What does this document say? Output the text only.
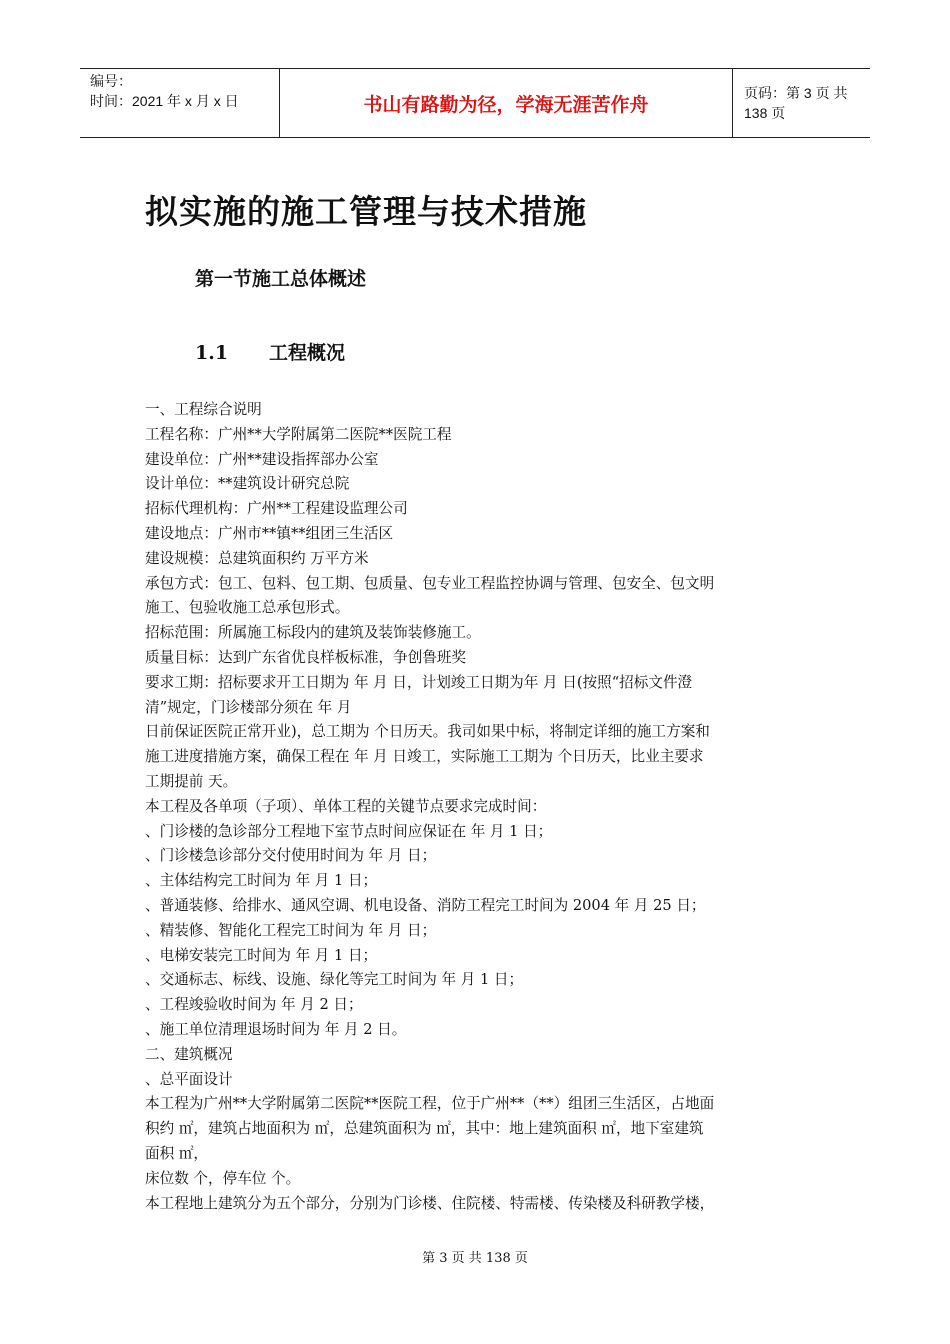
编号：
时间：2021 年 x 月 x 日	书山有路勤为径，学海无涯苦作舟
页码：第 3 页 共 138 页
拟实施的施工管理与技术措施
第一节施工总体概述
1.1 工程概况

一、工程综合说明

工程名称：广州**大学附属第二医院**医院工程

建设单位：广州**建设指挥部办公室

设计单位：**建筑设计研究总院

招标代理机构：广州**工程建设监理公司

建设地点：广州市**镇**组团三生活区

建设规模：总建筑面积约 万平方米

承包方式：包工、包料、包工期、包质量、包专业工程监控协调与管理、包安全、包文明

施工、包验收施工总承包形式。

招标范围：所属施工标段内的建筑及装饰装修施工。

质量目标：达到广东省优良样板标准，争创鲁班奖

要求工期：招标要求开工日期为 年 月 日，计划竣工日期为年 月 日(按照“招标文件澄

清”规定，门诊楼部分须在 年 月

日前保证医院正常开业)，总工期为 个日历天。我司如果中标，将制定详细的施工方案和

施工进度措施方案，确保工程在 年 月 日竣工，实际施工工期为 个日历天，比业主要求

工期提前 天。

本工程及各单项（子项）、单体工程的关键节点要求完成时间：

、门诊楼的急诊部分工程地下室节点时间应保证在 年 月 1 日；

、门诊楼急诊部分交付使用时间为 年 月 日；

、主体结构完工时间为 年 月 1 日；

、普通装修、给排水、通风空调、机电设备、消防工程完工时间为 2004 年 月 25 日；

、精装修、智能化工程完工时间为 年 月 日；

、电梯安装完工时间为 年 月 1 日；

、交通标志、标线、设施、绿化等完工时间为 年 月 1 日；

、工程竣验收时间为 年 月 2 日；

、施工单位清理退场时间为 年 月 2 日。

二、建筑概况

、总平面设计

本工程为广州**大学附属第二医院**医院工程，位于广州**（**）组团三生活区，占地面

积约 ㎡，建筑占地面积为 ㎡，总建筑面积为 ㎡，其中：地上建筑面积 ㎡，地下室建筑

面积 ㎡，

床位数 个，停车位 个。

本工程地上建筑分为五个部分，分别为门诊楼、住院楼、特需楼、传染楼及科研教学楼，

第 3 页 共 138 页
